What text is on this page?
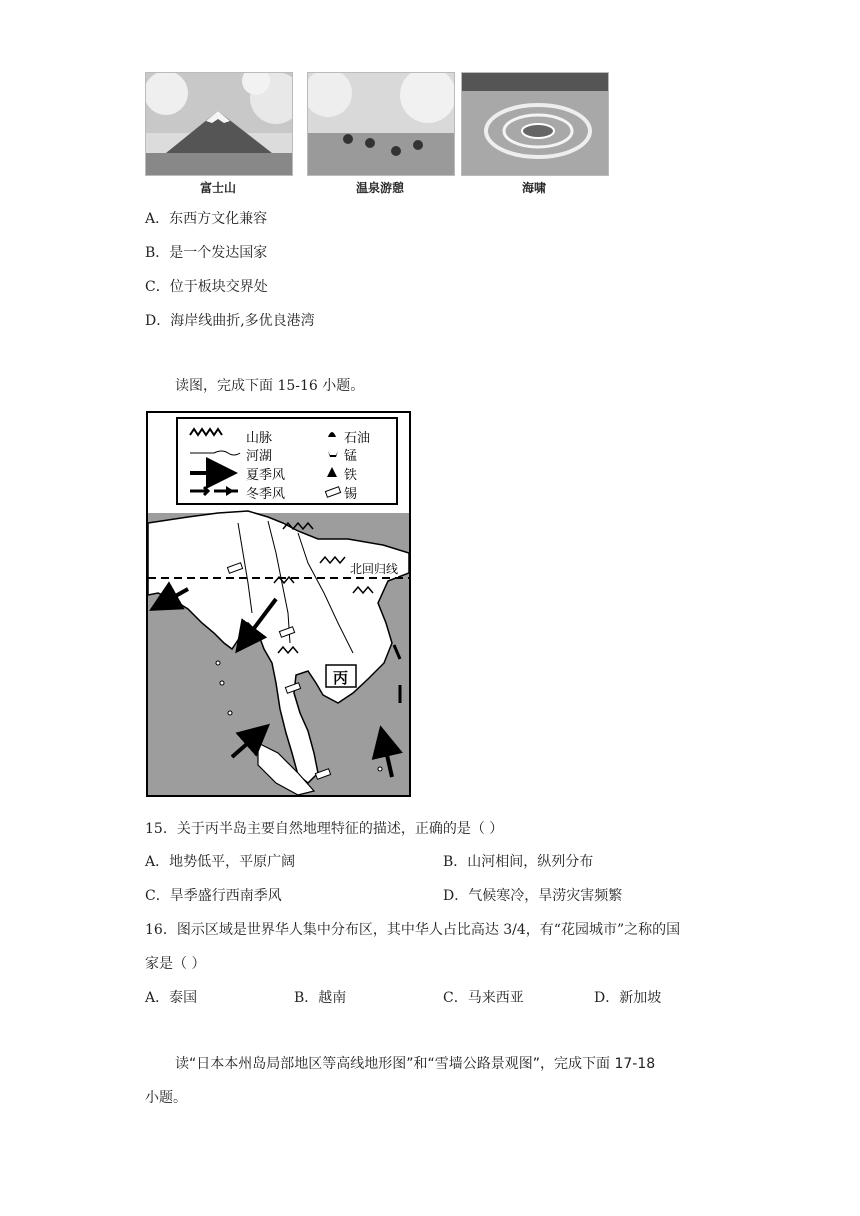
富士山	温泉游憩	海啸
A．东西方文化兼容
B．是一个发达国家
C．位于板块交界处
D．海岸线曲折,多优良港湾
读图，完成下面 15-16 小题。
山脉
河湖
夏季风
冬季风
石油
锰
铁
锡
北回归线
丙
15．关于丙半岛主要自然地理特征的描述，正确的是（ ）
A．地势低平，平原广阔	B．山河相间，纵列分布
C．旱季盛行西南季风	D．气候寒冷，旱涝灾害频繁
16．图示区域是世界华人集中分布区，其中华人占比高达 3/4，有“花园城市”之称的国
家是（ ）
A．泰国	B．越南	C．马来西亚	D．新加坡
读“日本本州岛局部地区等高线地形图”和“雪墙公路景观图”，完成下面 17-18
小题。
